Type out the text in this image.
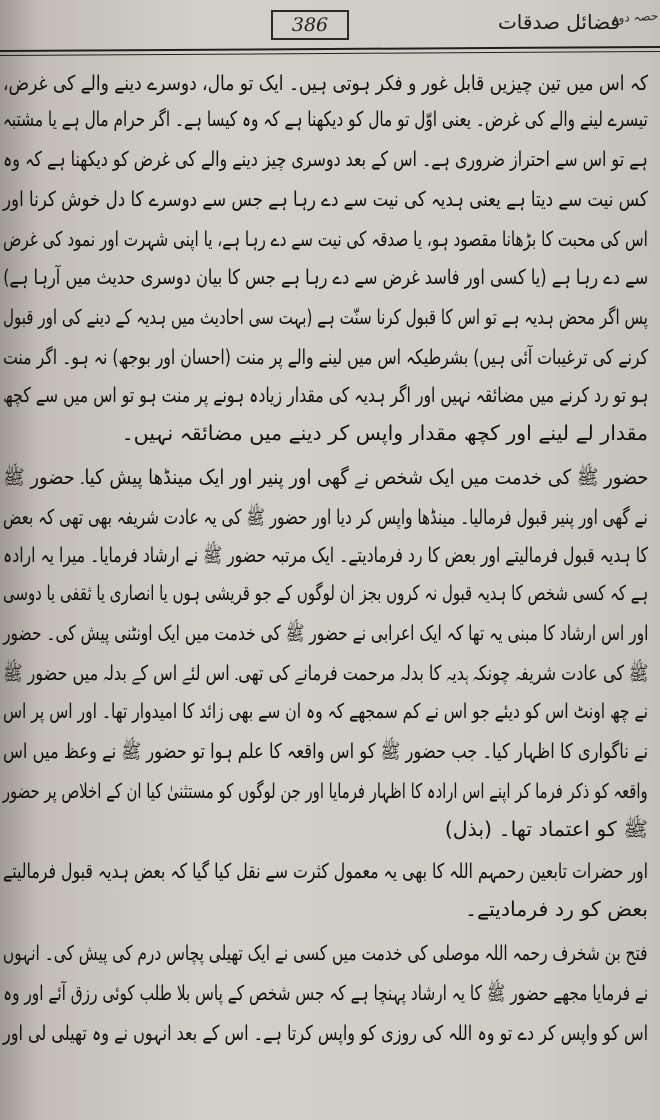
حصہ دوم
فضائل صدقات
386
کہ اس میں تین چیزیں قابل غور و فکر ہوتی ہیں۔ ایک تو مال، دوسرے دینے والے کی غرض،
تیسرے لینے والے کی غرض۔ یعنی اوّل تو مال کو دیکھنا ہے کہ وہ کیسا ہے۔ اگر حرام مال ہے یا مشتبہ
ہے تو اس سے احتراز ضروری ہے۔ اس کے بعد دوسری چیز دینے والے کی غرض کو دیکھنا ہے کہ وہ
کس نیت سے دیتا ہے یعنی ہدیہ کی نیت سے دے رہا ہے جس سے دوسرے کا دل خوش کرنا اور
اس کی محبت کا بڑھانا مقصود ہو، یا صدقہ کی نیت سے دے رہا ہے، یا اپنی شہرت اور نمود کی غرض
سے دے رہا ہے (یا کسی اور فاسد غرض سے دے رہا ہے جس کا بیان دوسری حدیث میں آرہا ہے)
پس اگر محض ہدیہ ہے تو اس کا قبول کرنا سنّت ہے (بہت سی احادیث میں ہدیہ کے دینے کی اور قبول
کرنے کی ترغیبات آئی ہیں) بشرطیکہ اس میں لینے والے پر منت (احسان اور بوجھ) نہ ہو۔ اگر منت
ہو تو رد کرنے میں مضائقہ نہیں اور اگر ہدیہ کی مقدار زیادہ ہونے پر منت ہو تو اس میں سے کچھ
مقدار لے لینے اور کچھ مقدار واپس کر دینے میں مضائقہ نہیں۔
حضور ﷺ کی خدمت میں ایک شخص نے گھی اور پنیر اور ایک مینڈھا پیش کیا۔ حضور ﷺ
نے گھی اور پنیر قبول فرمالیا۔ مینڈھا واپس کر دیا اور حضور ﷺ کی یہ عادت شریفہ بھی تھی کہ بعض
کا ہدیہ قبول فرمالیتے اور بعض کا رد فرمادیتے۔ ایک مرتبہ حضور ﷺ نے ارشاد فرمایا۔ میرا یہ ارادہ
ہے کہ کسی شخص کا ہدیہ قبول نہ کروں بجز ان لوگوں کے جو قریشی ہوں یا انصاری یا ثقفی یا دوسی
اور اس ارشاد کا مبنی یہ تھا کہ ایک اعرابی نے حضور ﷺ کی خدمت میں ایک اونٹنی پیش کی۔ حضور
ﷺ کی عادت شریفہ چونکہ ہدیہ کا بدلہ مرحمت فرمانے کی تھی۔ اس لئے اس کے بدلہ میں حضور ﷺ
نے چھ اونٹ اس کو دیئے جو اس نے کم سمجھے کہ وہ ان سے بھی زائد کا امیدوار تھا۔ اور اس پر اس
نے ناگواری کا اظہار کیا۔ جب حضور ﷺ کو اس واقعہ کا علم ہوا تو حضور ﷺ نے وعظ میں اس
واقعہ کو ذکر فرما کر اپنے اس ارادہ کا اظہار فرمایا اور جن لوگوں کو مستثنیٰ کیا ان کے اخلاص پر حضور
ﷺ کو اعتماد تھا۔ (بذل)
اور حضرات تابعین رحمہم اللہ کا بھی یہ معمول کثرت سے نقل کیا گیا کہ بعض ہدیہ قبول فرمالیتے
بعض کو رد فرمادیتے۔
فتح بن شخرف رحمہ اللہ موصلی کی خدمت میں کسی نے ایک تھیلی پچاس درم کی پیش کی۔ انہوں
نے فرمایا مجھے حضور ﷺ کا یہ ارشاد پہنچا ہے کہ جس شخص کے پاس بلا طلب کوئی رزق آئے اور وہ
اس کو واپس کر دے تو وہ اللہ کی روزی کو واپس کرتا ہے۔ اس کے بعد انہوں نے وہ تھیلی لی اور
